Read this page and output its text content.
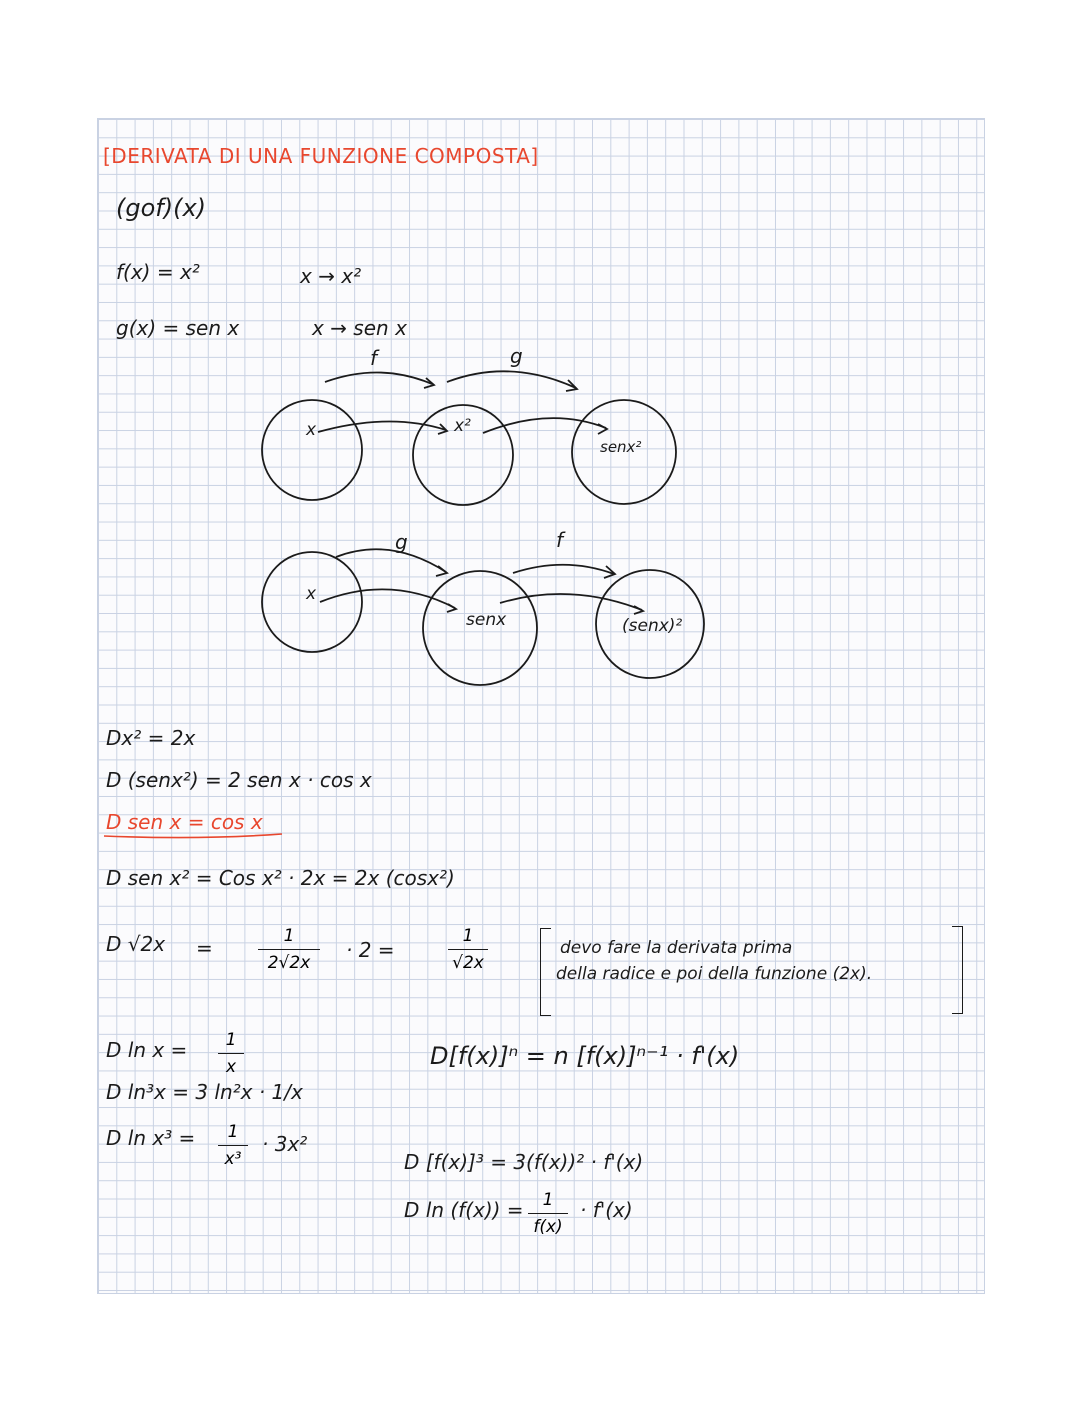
[DERIVATA DI UNA FUNZIONE COMPOSTA]
(gof)(x)
f(x) = x²
g(x) = sen x
x → x²
x → sen x
f	g
x	x²
senx²
g	f
x
senx	(senx)²
Dx² = 2x
D (senx²) = 2 sen x · cos x
D sen x = cos x
D sen x² = Cos x² · 2x = 2x (cosx²)
D √2x =	1
2√2x
· 2 =
1
√2x
devo fare la derivata prima
della radice e poi della funzione (2x).
D ln x = 1
x
D ln³x = 3 ln²x · 1/x
D ln x³ = 1
x³
· 3x²
D[f(x)]ⁿ = n [f(x)]ⁿ⁻¹ · f'(x)
D [f(x)]³ = 3(f(x))² · f'(x)
D ln (f(x)) = 1
f(x)
· f'(x)
